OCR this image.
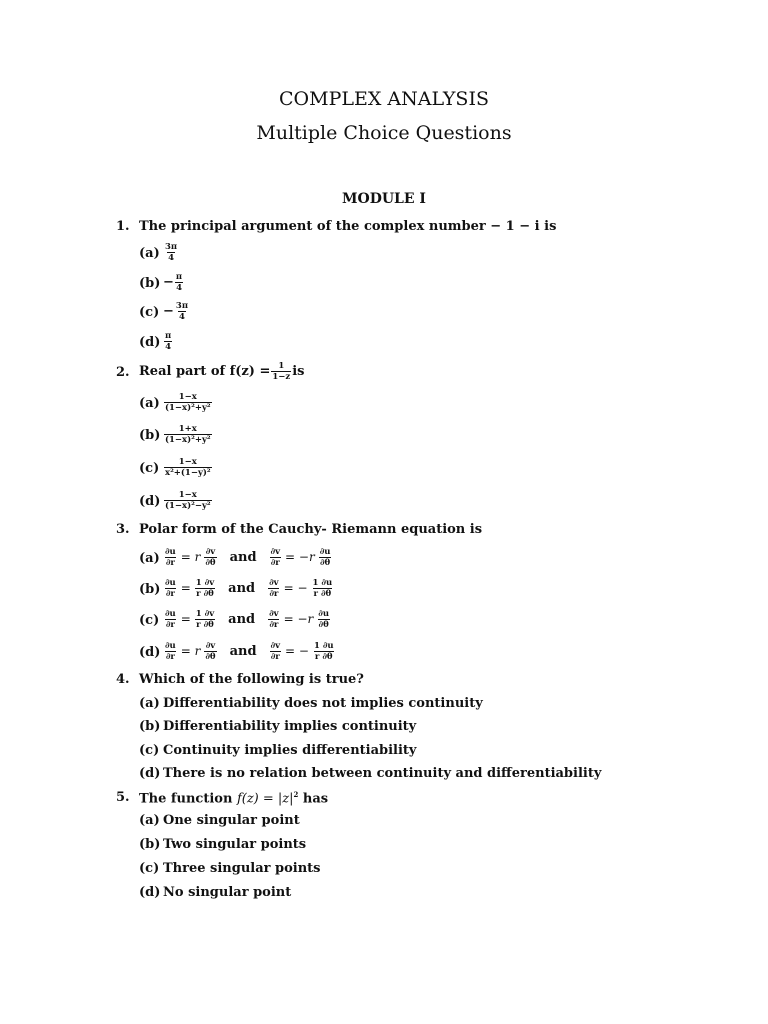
COMPLEX ANALYSIS
Multiple Choice Questions
MODULE I
1. The principal argument of the complex number − 1 − i is
$(a) \frac{3\pi}{4}$
$(b) - \frac{\pi}{4}$
$(c) - \frac{3\pi}{4}$
$(d) \frac{\pi}{4}$
2. Real part of $f(z) = \frac{1}{1-z}$ is
$(a) \frac{1-x}{\text{(1−x)²+y²}}$
$(b) \frac{1+x}{\text{(1−x)²+y²}}$
$(c) \frac{1-x}{\text{x²+(1−y)²}}$
$(d) \frac{1-x}{\text{(1−x)²−y²}}$
3. Polar form of the Cauchy- Riemann equation is
$(a) \frac{\partial u}{\partial r} = r \frac{\partial v}{\partial\theta}$ and $\frac{\partial v}{\partial r} = -r \frac{\partial u}{\partial\theta}$
$(b) \frac{\partial u}{\partial r} = \frac{1 \partial v}{r \partial\theta}$ and $\frac{\partial v}{\partial r}$ = − $\frac{1 \partial u}{r \partial\theta}$
$(c) \frac{\partial u}{\partial r} = \frac{1 \partial v}{r \partial\theta}$ and $\frac{\partial v}{\partial r} = -r \frac{\partial u}{\partial\theta}$
$(d) \frac{\partial u}{\partial r} = r \frac{\partial v}{\partial\theta}$ and $\frac{\partial v}{\partial r}$ = − $\frac{1 \partial u}{r \partial\theta}$
4. Which of the following is true?
(a) Differentiability does not implies continuity
(b) Differentiability implies continuity
(c) Continuity implies differentiability
(d) There is no relation between continuity and differentiability
5. The function $f(z) = |z|^2$ has
(a) One singular point
(b) Two singular points
(c) Three singular points
(d) No singular point
